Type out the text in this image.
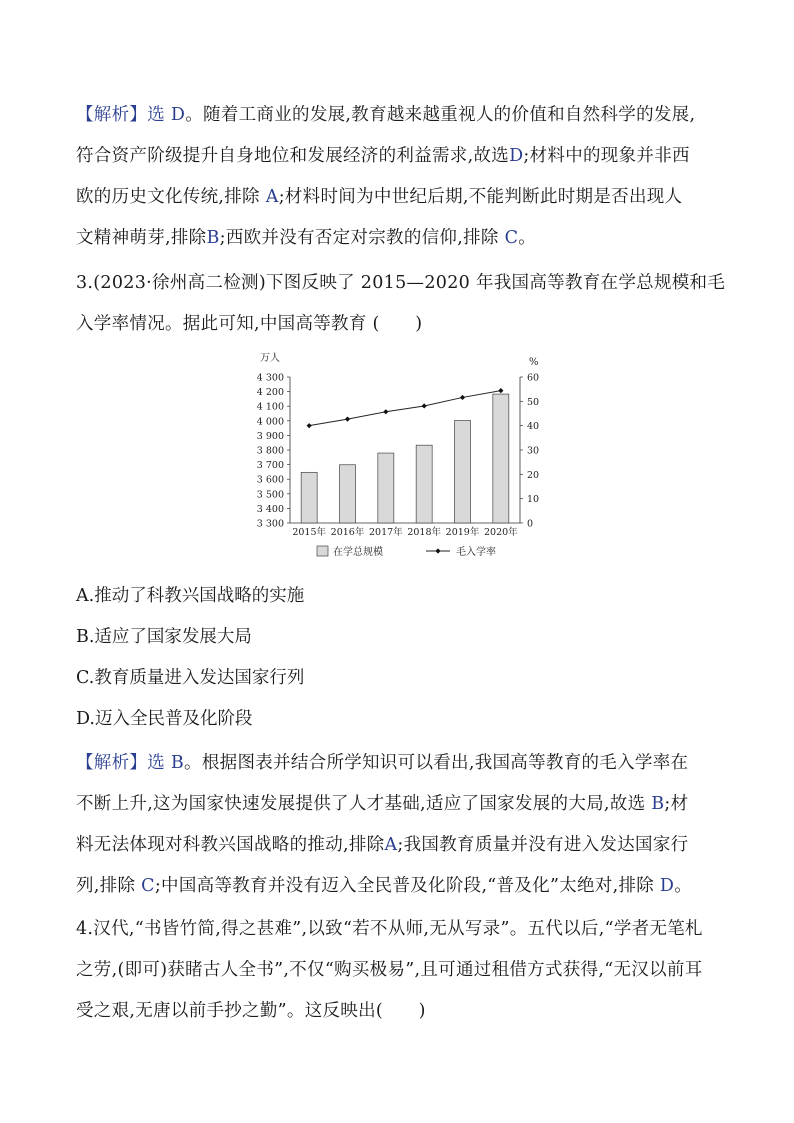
【解析】选 D。随着工商业的发展,教育越来越重视人的价值和自然科学的发展,
符合资产阶级提升自身地位和发展经济的利益需求,故选D;材料中的现象并非西
欧的历史文化传统,排除 A;材料时间为中世纪后期,不能判断此时期是否出现人
文精神萌芽,排除B;西欧并没有否定对宗教的信仰,排除 C。
3.(2023·徐州高二检测)下图反映了 2015—2020 年我国高等教育在学总规模和毛
入学率情况。据此可知,中国高等教育 (　　)
3 300
3 400
3 500
3 600
3 700
3 800
3 900
4 000
4 100
4 200
4 300
0
10
20
30
40
50
60
万人	%
2015年 2016年 2017年 2018年 2019年 2020年
在学总规模	毛入学率
A.推动了科教兴国战略的实施
B.适应了国家发展大局
C.教育质量进入发达国家行列
D.迈入全民普及化阶段
【解析】选 B。根据图表并结合所学知识可以看出,我国高等教育的毛入学率在
不断上升,这为国家快速发展提供了人才基础,适应了国家发展的大局,故选 B;材
料无法体现对科教兴国战略的推动,排除A;我国教育质量并没有进入发达国家行
列,排除 C;中国高等教育并没有迈入全民普及化阶段,“普及化”太绝对,排除 D。
4.汉代,“书皆竹简,得之甚难”,以致“若不从师,无从写录”。五代以后,“学者无笔札
之劳,(即可)获睹古人全书”,不仅“购买极易”,且可通过租借方式获得,“无汉以前耳
受之艰,无唐以前手抄之勤”。这反映出(　　)
